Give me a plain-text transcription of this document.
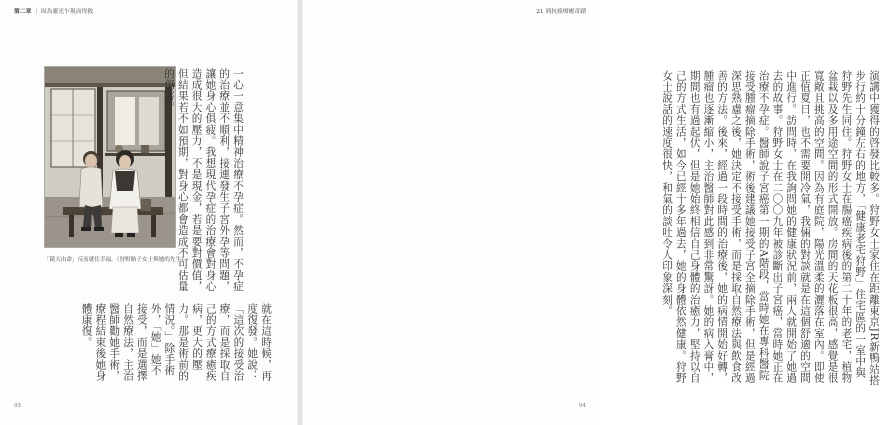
第二章 ｜ 因為靈光乍現而得救
「鏡天由命」反而就住幸福。（狩野路子女士與她的先生）	一心一意集中精神治療不孕症。然而，不孕症的治療並不順利，接連發生子宮外孕等問題，讓她身心俱疲。我想現代孕症的治療會對身心造成很大的壓力，不是現金，若是要對價值，但結果若不如預期，對身心都會造成不可估量的傷害。

就在這時候，再度復發。她說：「這次的接受治療，而是採取自己的方式療癒疾病，更大的壓力。那是術前的情況。」除手術外，「她」她不接受，而是選擇自然療法，主治醫師勸她手術，療程結束後她身體康復。

95
21 到抗癌療癒奇蹟

演講中獲得的啓發比較多。狩野女士家住在距離東京JR新鴨站搭步行約十分鐘左右的地方，「健康老宅狩野」住宅區的一室中與狩野先生同住。狩野女士在腸癌疾病後的第二十年的老宅，植物盆栽以及多用途空間的形式開放。房間的天花板很高，感覺是很寬敞且挑高的空間。因為有庭院，陽光溫柔的灑落在室內。即使正值夏日，也不需要開冷氣，我倆的對談就是在這個舒適的空間中進行。訪問時，在我詢問她的健康狀況前，兩人就開始了她過去的故事。狩野女士在二〇〇九年被診斷出子宮癌，當時她正在治療不孕症。醫師說子宮癌第一期的A階段，當時她在專科醫院接受腫瘤摘除手術，術後建議她接受子宮全摘除手術，但是經過深思熟慮之後，她決定不接受手術，而是採取自然療法與飲食改善的方法。後來，經過一段時間的治療後，她的病情開始好轉，腫瘤也逐漸縮小，主治醫師對此感到非常驚訝。她的病入膏中，期間也有過起伏，但是她始終相信自己身體的治癒力，堅持以自己的方式生活，如今已經十多年過去，她的身體依然健康。狩野女士說話的速度很快，和氣的談吐令人印象深刻。

94
